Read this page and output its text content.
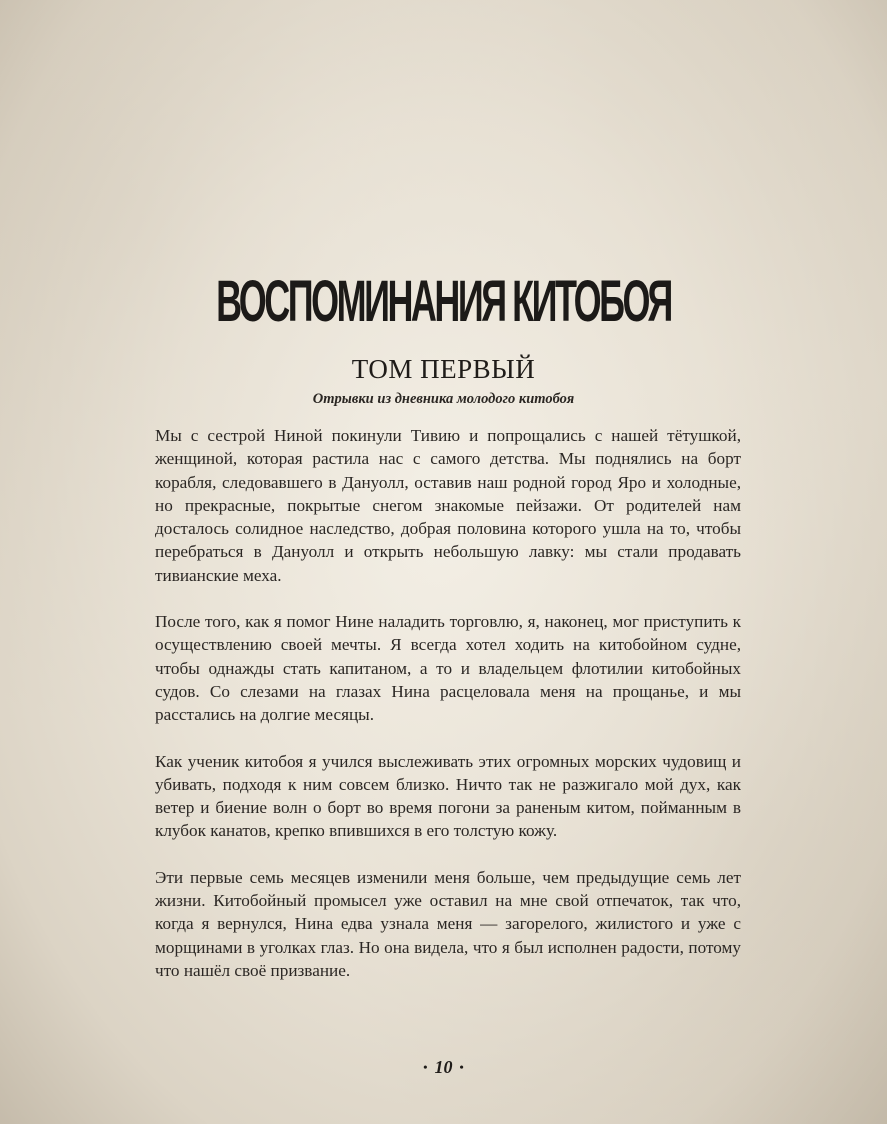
ВОСПОМИНАНИЯ КИТОБОЯ
ТОМ ПЕРВЫЙ
Отрывки из дневника молодого китобоя

Мы с сестрой Ниной покинули Тивию и попрощались с нашей тётушкой, женщиной, которая растила нас с самого детства. Мы поднялись на борт корабля, следовавшего в Дануолл, оставив наш родной город Яро и холодные, но прекрасные, покрытые снегом знакомые пейзажи. От родителей нам досталось солидное наследство, добрая половина которого ушла на то, чтобы перебраться в Дануолл и открыть небольшую лавку: мы стали продавать тивианские меха.

После того, как я помог Нине наладить торговлю, я, наконец, мог приступить к осуществлению своей мечты. Я всегда хотел ходить на китобойном судне, чтобы однажды стать капитаном, а то и владельцем флотилии китобойных судов. Со слезами на глазах Нина расцеловала меня на прощанье, и мы расстались на долгие месяцы.

Как ученик китобоя я учился выслеживать этих огромных морских чудовищ и убивать, подходя к ним совсем близко. Ничто так не разжигало мой дух, как ветер и биение волн о борт во время погони за раненым китом, пойманным в клубок канатов, крепко впившихся в его толстую кожу.

Эти первые семь месяцев изменили меня больше, чем предыдущие семь лет жизни. Китобойный промысел уже оставил на мне свой отпечаток, так что, когда я вернулся, Нина едва узнала меня — загорелого, жилистого и уже с морщинами в уголках глаз. Но она видела, что я был исполнен радости, потому что нашёл своё призвание.

• 10 •
